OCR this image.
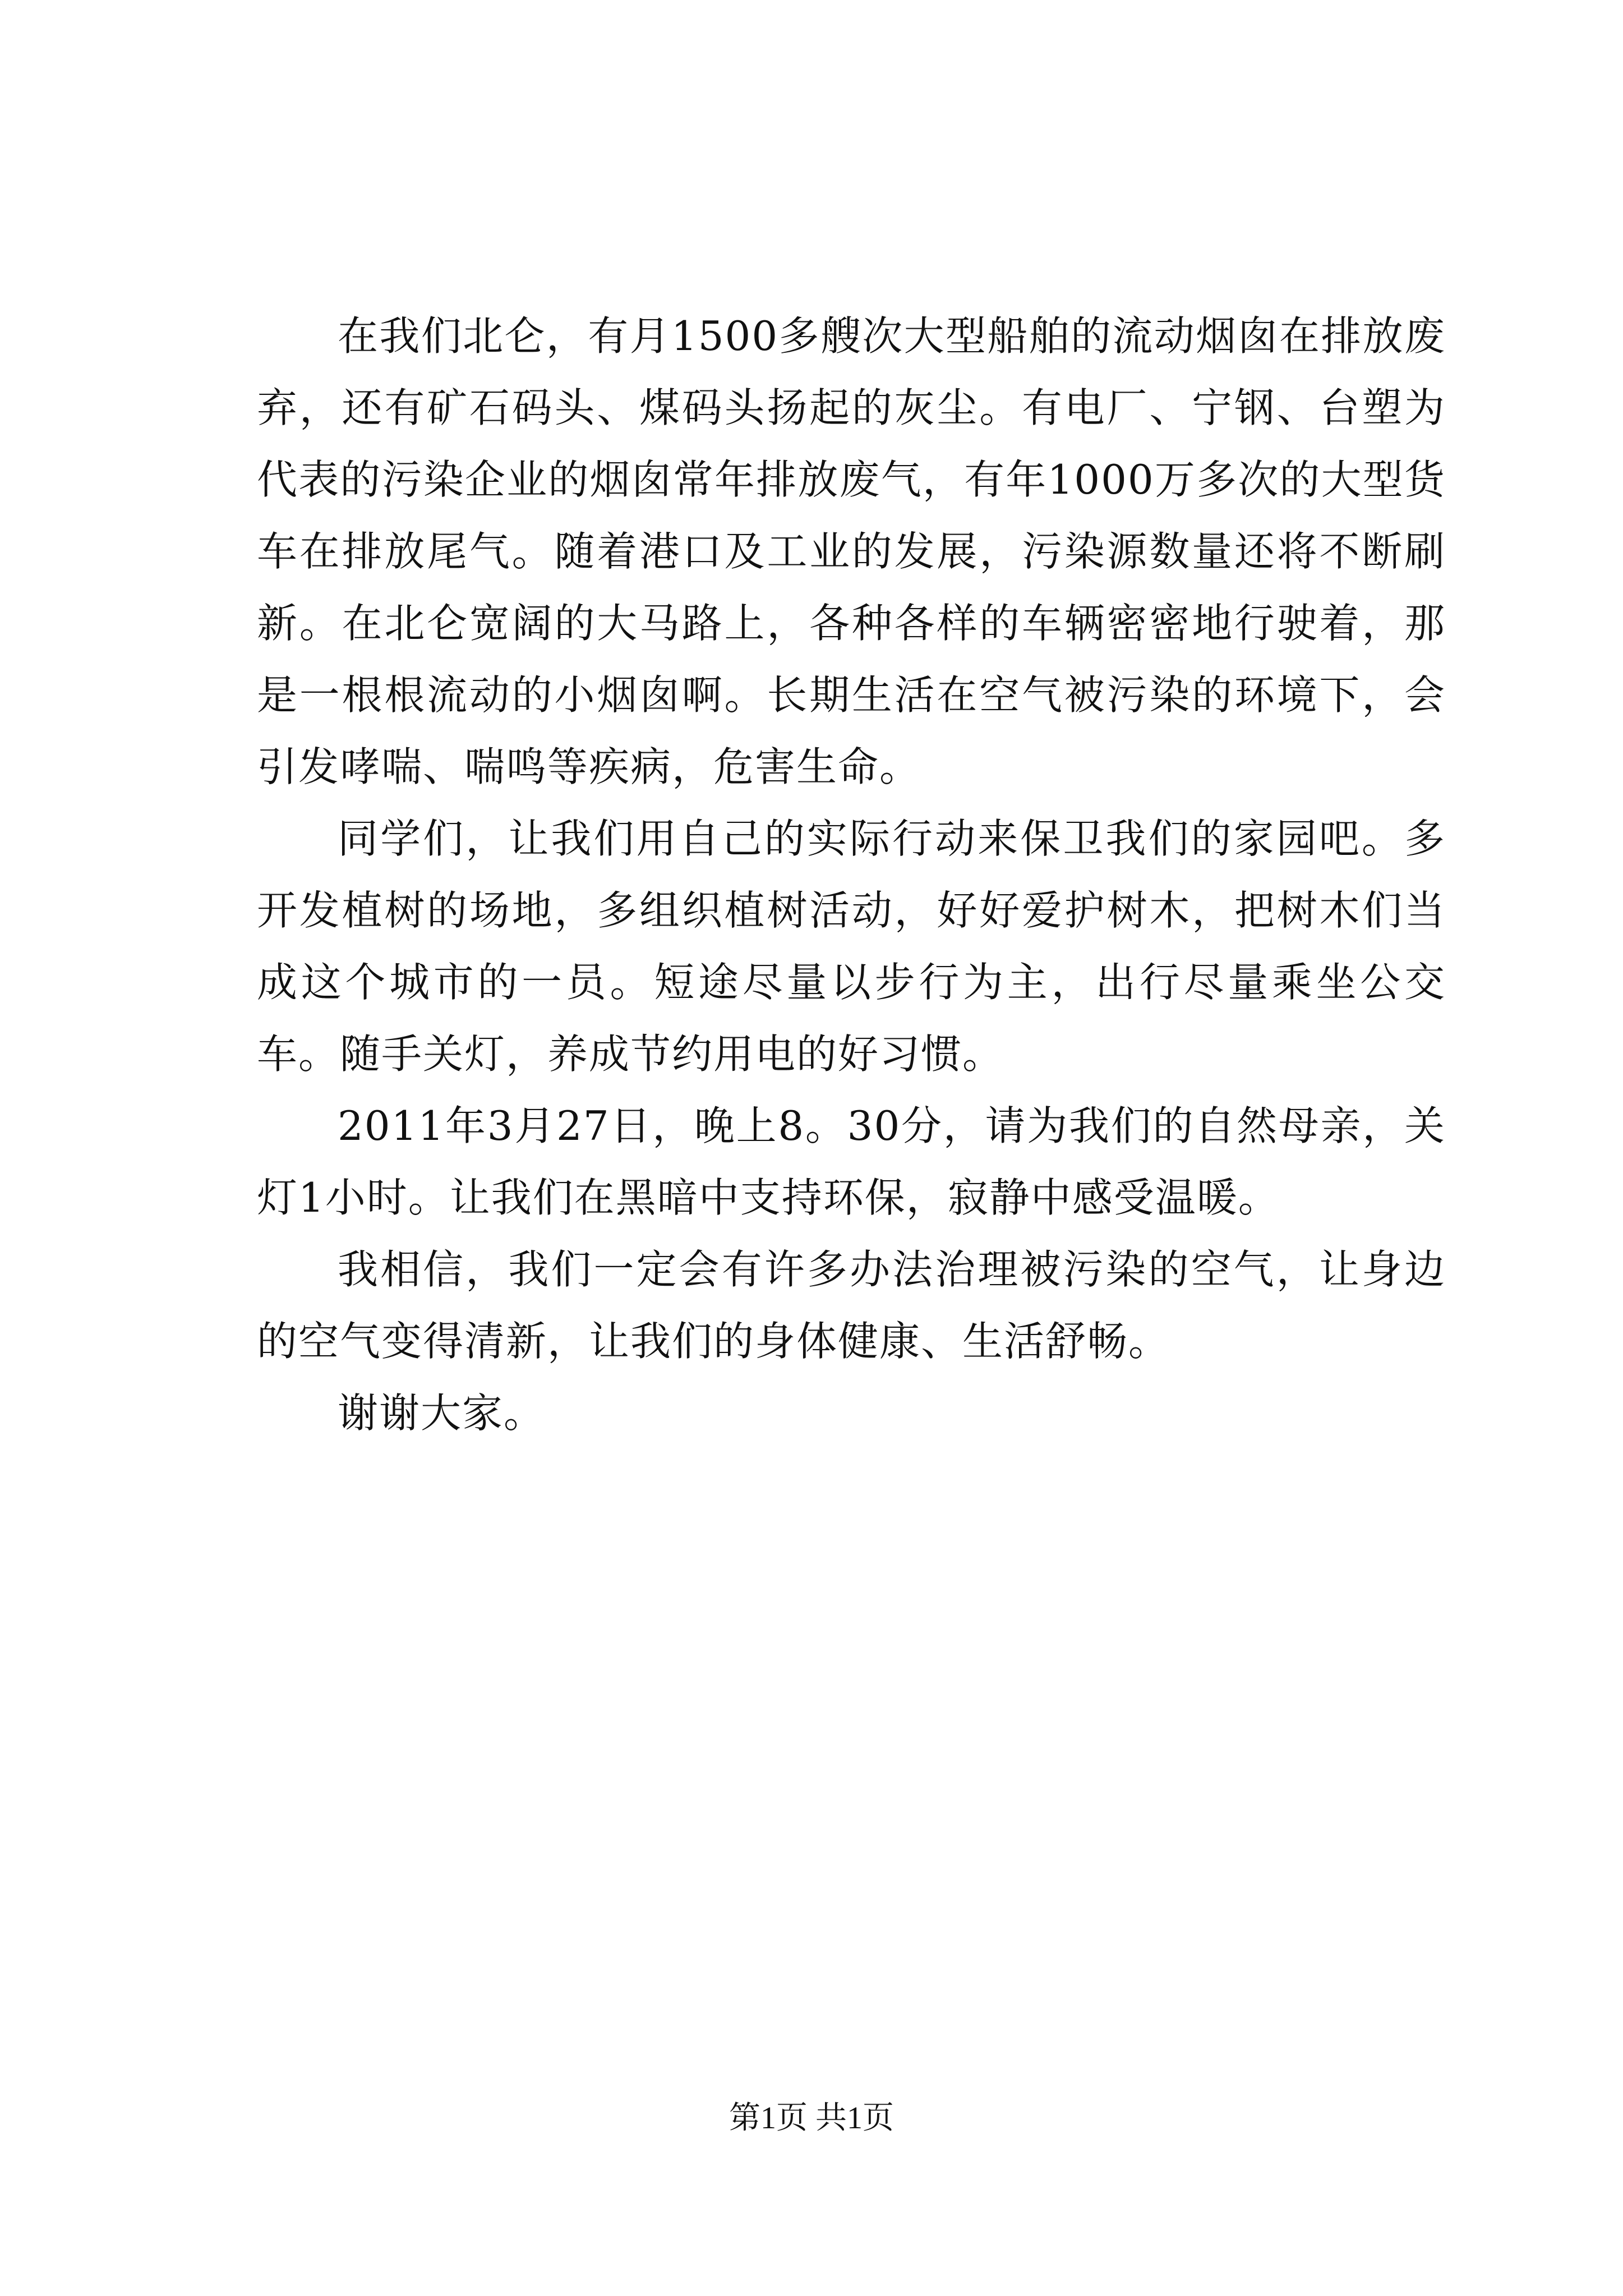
在我们北仑，有月1500多艘次大型船舶的流动烟囱在排放废弃，还有矿石码头、煤码头扬起的灰尘。有电厂、宁钢、台塑为代表的污染企业的烟囱常年排放废气，有年1000万多次的大型货车在排放尾气。随着港口及工业的发展，污染源数量还将不断刷新。在北仑宽阔的大马路上，各种各样的车辆密密地行驶着，那是一根根流动的小烟囱啊。长期生活在空气被污染的环境下，会引发哮喘、喘鸣等疾病，危害生命。

同学们，让我们用自己的实际行动来保卫我们的家园吧。多开发植树的场地，多组织植树活动，好好爱护树木，把树木们当成这个城市的一员。短途尽量以步行为主，出行尽量乘坐公交车。随手关灯，养成节约用电的好习惯。

2011年3月27日，晚上8。30分，请为我们的自然母亲，关灯1小时。让我们在黑暗中支持环保，寂静中感受温暖。

我相信，我们一定会有许多办法治理被污染的空气，让身边的空气变得清新，让我们的身体健康、生活舒畅。

谢谢大家。

第1页 共1页
